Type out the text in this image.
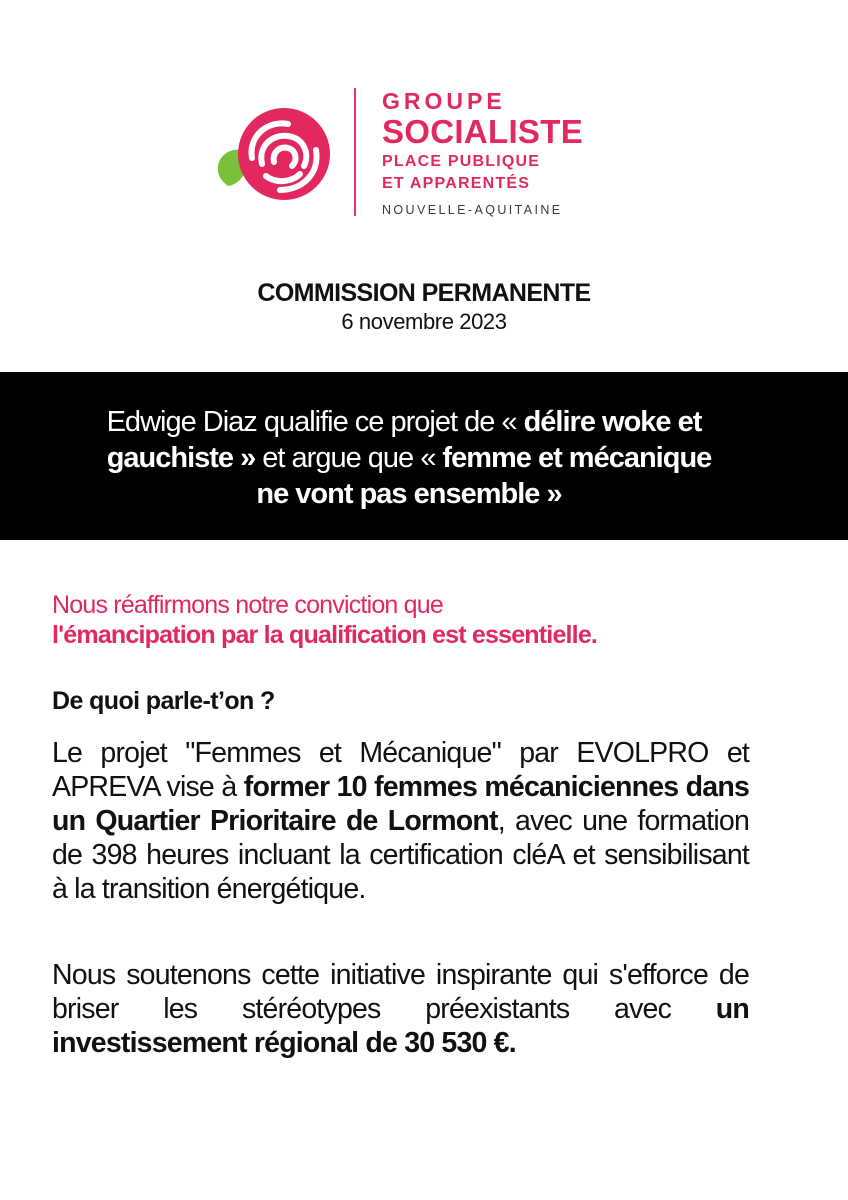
GROUPE
SOCIALISTE
PLACE PUBLIQUE
ET APPARENTÉS
NOUVELLE-AQUITAINE
COMMISSION PERMANENTE
6 novembre 2023
Edwige Diaz qualifie ce projet de « délire woke et
gauchiste » et argue que « femme et mécanique
ne vont pas ensemble »
Nous réaffirmons notre conviction que
l'émancipation par la qualification est essentielle.
De quoi parle-t’on ?
Le projet "Femmes et Mécanique" par EVOLPRO et APREVA vise à former 10 femmes mécaniciennes dans un Quartier Prioritaire de Lormont, avec une formation de 398 heures incluant la certification cléA et sensibilisant à la transition énergétique.
Nous soutenons cette initiative inspirante qui s'efforce de briser les stéréotypes préexistants avec un investissement régional de 30 530 €.
